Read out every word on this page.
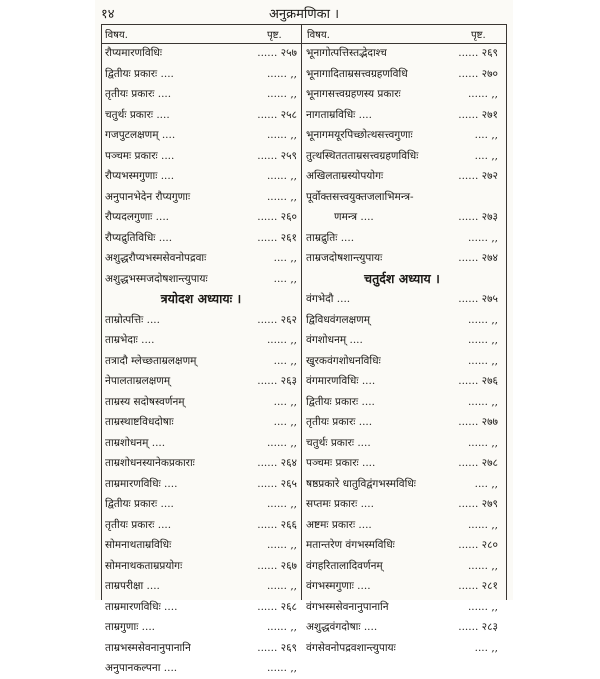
१४	अनुक्रमणिका ।
विषय.	पृष्ट.	विषय.	पृष्ट.
रौप्यमारणविधिः	...... २५७
द्वितीयः प्रकारः ....	...... ,,
तृतीयः प्रकारः ....	...... ,,
चतुर्थः प्रकारः ....	...... २५८
गजपुटलक्षणम् ....	...... ,,
पञ्चमः प्रकारः ....	...... २५९
रौप्यभस्मगुणाः ....	...... ,,
अनुपानभेदेन रौप्यगुणाः	...... ,,
रौप्यदलगुणाः ....	...... २६०
रौप्यद्रुतिविधिः ....	...... २६१
अशुद्धरौप्यभस्मसेवनोपद्रवाः	.... ,,
अशुद्धभस्मजदोषशान्त्युपायः	.... ,,
त्रयोदश अध्यायः ।
ताम्रोत्पत्तिः ....	...... २६२
ताम्रभेदाः ....	...... ,,
तत्रादौ म्लेच्छताम्रलक्षणम्	.... ,,
नेपालताम्रलक्षणम्	...... २६३
ताम्रस्य सदोषस्वर्णनम्	.... ,,
ताम्रस्थाष्टविधदोषाः	.... ,,
ताम्रशोधनम् ....	...... ,,
ताम्रशोधनस्यानेकप्रकाराः	...... २६४
ताम्रमारणविधिः ....	...... २६५
द्वितीयः प्रकारः ....	...... ,,
तृतीयः प्रकारः ....	...... २६६
सोमनाथताम्रविधिः	...... ,,
सोमनाथकताम्रप्रयोगः	...... २६७
ताम्रपरीक्षा ....	...... ,,
ताम्रमारणविधिः ....	...... २६८
ताम्रगुणाः ....	...... ,,
ताम्रभस्मसेवनानुपानानि	...... २६९
अनुपानकल्पना ....	...... ,,
भूनागोत्पत्तिस्तद्भेदाश्च	...... २६९
भूनागादिताम्रसत्त्वग्रहणविधि	...... २७०
भूनागसत्त्वग्रहणस्य प्रकारः	...... ,,
नागताम्रविधिः ....	...... २७१
भूनागमयूरपिच्छोत्थसत्त्वगुणाः	.... ,,
तुत्थस्थिततताम्रसत्त्वग्रहणविधिः	.... ,,
अखिलताम्रस्योपयोगः	...... २७२
पूर्वोक्तसत्त्वयुक्तजलाभिमन्त्र-
णमन्त्र ....	...... २७३
ताम्रद्रुतिः ....	...... ,,
ताम्रजदोषशान्त्युपायः	...... २७४
चतुर्दश अध्याय ।
वंगभेदौ ....	...... २७५
द्विविधवंगलक्षणम्	...... ,,
वंगशोधनम् ....	...... ,,
खुरकवंगशोधनविधिः	...... ,,
वंगमारणविधिः ....	...... २७६
द्वितीयः प्रकारः ....	...... ,,
तृतीयः प्रकारः ....	...... २७७
चतुर्थः प्रकारः ....	...... ,,
पञ्चमः प्रकारः ....	...... २७८
षष्ठप्रकारे धातुविद्वंगभस्मविधिः	.... ,,
सप्तमः प्रकारः ....	...... २७९
अष्टमः प्रकारः ....	...... ,,
मतान्तरेण वंगभस्मविधिः	...... २८०
वंगहरितालादिवर्णनम्	...... ,,
वंगभस्मगुणाः ....	...... २८१
वंगभस्मसेवनानुपानानि	...... ,,
अशुद्धवंगदोषाः ....	...... २८३
वंगसेवनोपद्रवशान्त्युपायः	.... ,,
